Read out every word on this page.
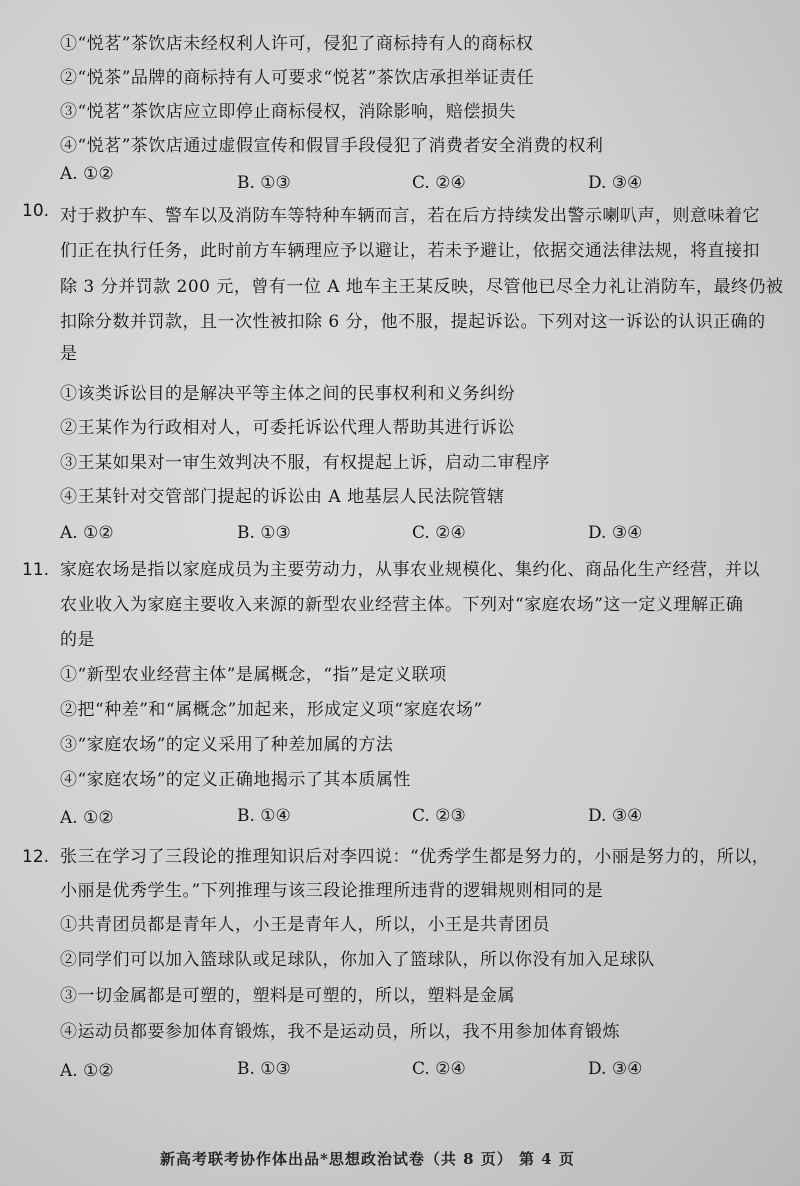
①“悦茗”茶饮店未经权利人许可，侵犯了商标持有人的商标权
②“悦茶”品牌的商标持有人可要求“悦茗”茶饮店承担举证责任
③“悦茗”茶饮店应立即停止商标侵权，消除影响，赔偿损失
④“悦茗”茶饮店通过虚假宣传和假冒手段侵犯了消费者安全消费的权利
A. ①②	B. ①③	C. ②④	D. ③④
10. 对于救护车、警车以及消防车等特种车辆而言，若在后方持续发出警示喇叭声，则意味着它
们正在执行任务，此时前方车辆理应予以避让，若未予避让，依据交通法律法规，将直接扣
除 3 分并罚款 200 元，曾有一位 A 地车主王某反映，尽管他已尽全力礼让消防车，最终仍被
扣除分数并罚款，且一次性被扣除 6 分，他不服，提起诉讼。下列对这一诉讼的认识正确的
是
①该类诉讼目的是解决平等主体之间的民事权利和义务纠纷
②王某作为行政相对人，可委托诉讼代理人帮助其进行诉讼
③王某如果对一审生效判决不服，有权提起上诉，启动二审程序
④王某针对交管部门提起的诉讼由 A 地基层人民法院管辖
A. ①②	B. ①③	C. ②④	D. ③④
11. 家庭农场是指以家庭成员为主要劳动力，从事农业规模化、集约化、商品化生产经营，并以
农业收入为家庭主要收入来源的新型农业经营主体。下列对“家庭农场”这一定义理解正确
的是
①“新型农业经营主体”是属概念，“指”是定义联项
②把“种差”和“属概念”加起来，形成定义项“家庭农场”
③“家庭农场”的定义采用了种差加属的方法
④“家庭农场”的定义正确地揭示了其本质属性
A. ①②	B. ①④	C. ②③	D. ③④
12. 张三在学习了三段论的推理知识后对李四说：“优秀学生都是努力的，小丽是努力的，所以，
小丽是优秀学生。”下列推理与该三段论推理所违背的逻辑规则相同的是
①共青团员都是青年人，小王是青年人，所以，小王是共青团员
②同学们可以加入篮球队或足球队，你加入了篮球队，所以你没有加入足球队
③一切金属都是可塑的，塑料是可塑的，所以，塑料是金属
④运动员都要参加体育锻炼，我不是运动员，所以，我不用参加体育锻炼
A. ①②	B. ①③	C. ②④	D. ③④
新高考联考协作体出品*思想政治试卷（共 8 页） 第 4 页
